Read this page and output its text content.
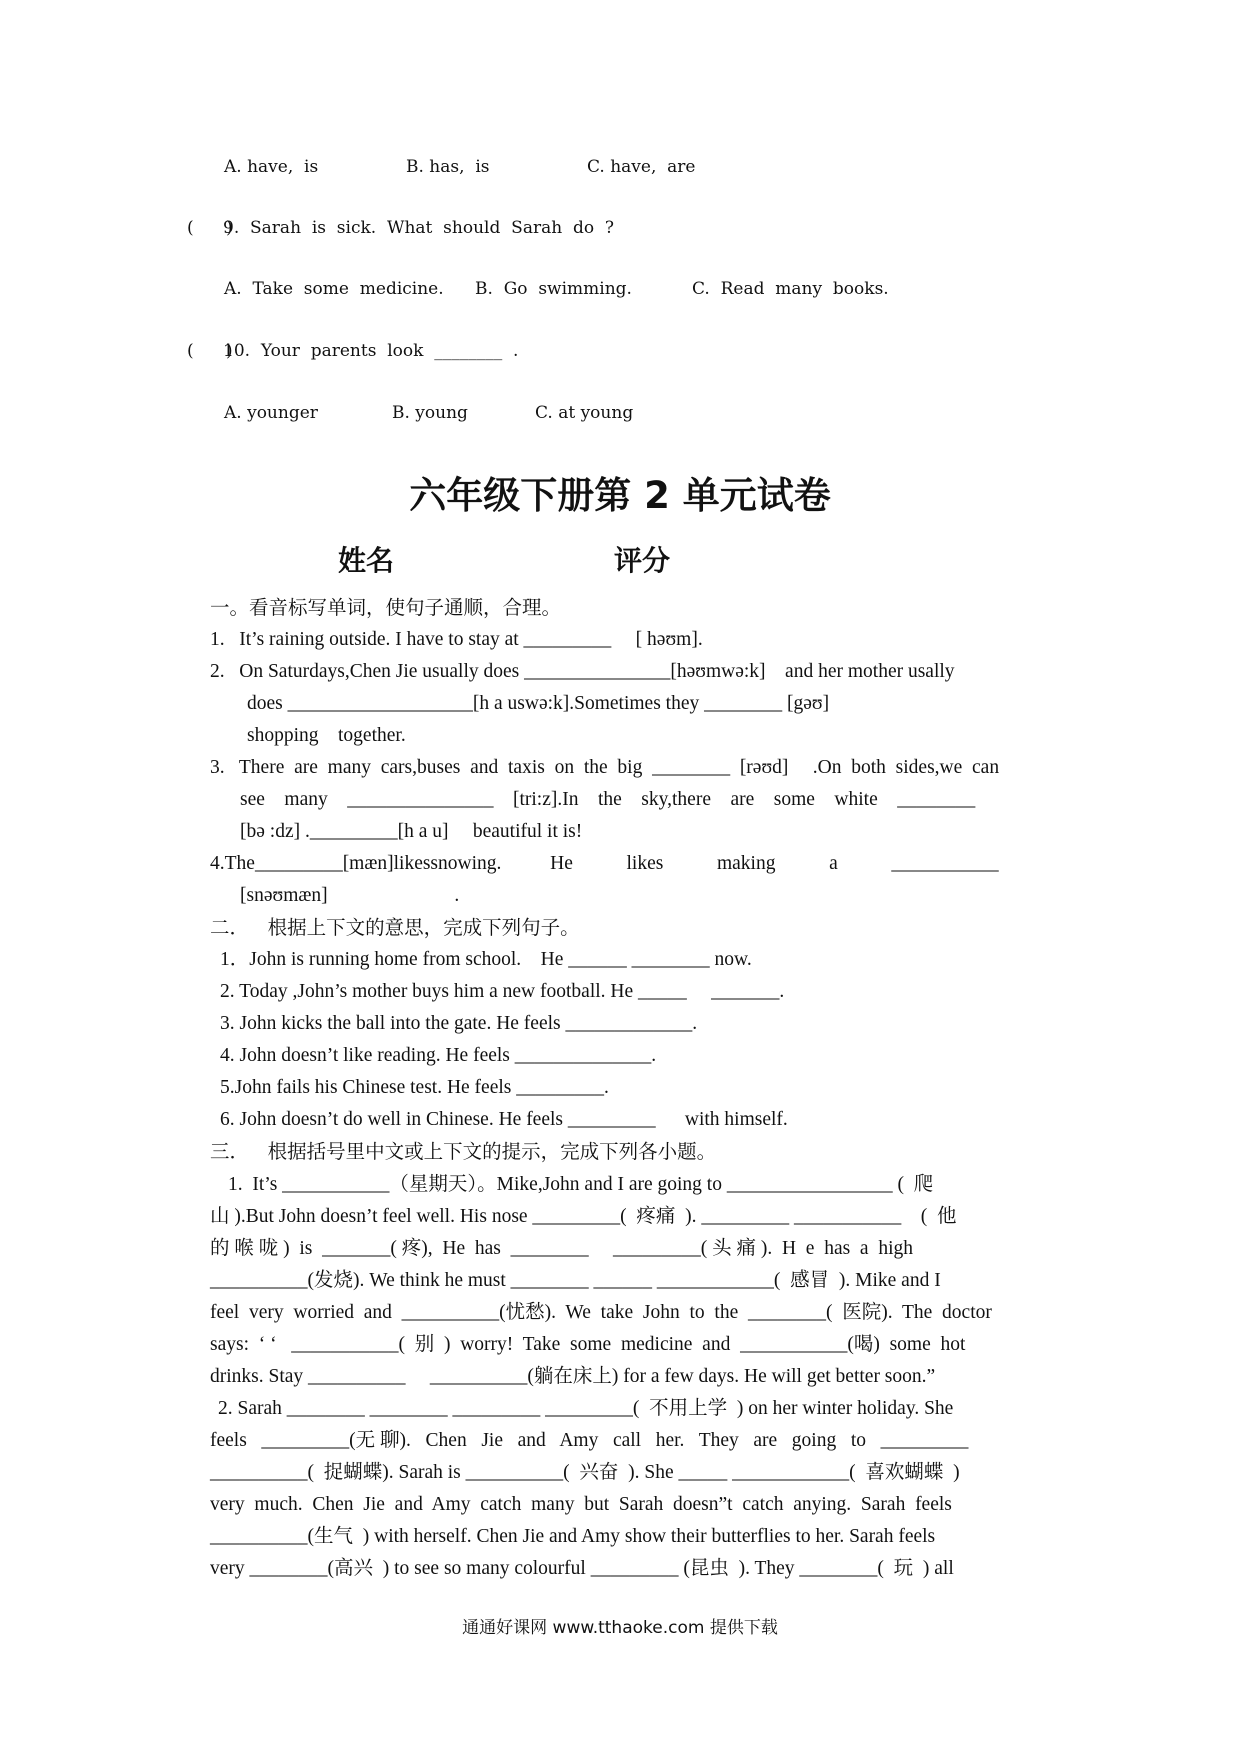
A. have,  is	B. has,  is	C. have,  are
(      )
9.  Sarah  is  sick.  What  should  Sarah  do  ?
A.  Take  some  medicine. B.  Go  swimming.	C.  Read  many  books.
(      )
10.  Your  parents  look  ________  .
A. younger	B. young	C. at young
六年级下册第 2 单元试卷
姓名	评分
一。看音标写单词，使句子通顺，合理。
1.   It’s raining outside. I have to stay at _________     [ həʊm].
2.   On Saturdays,Chen Jie usually does _______________[həʊmwə:k]    and her mother usally
does ___________________[h a uswə:k].Sometimes they ________ [gəʊ]
shopping    together.
3.   There  are  many  cars,buses  and  taxis  on  the  big  ________  [rəʊd]     .On  both  sides,we  can
see    many    _______________    [tri:z].In    the    sky,there    are    some    white    ________
[bə :dz] ._________[h a u]     beautiful it is!
4.The_________[mæn]likessnowing.          He           likes           making           a           ___________
[snəʊmæn]                          .
二．   根据上下文的意思，完成下列句子。
1．John is running home from school.    He ______ ________ now.
2. Today ,John’s mother buys him a new football. He _____     _______.
3. John kicks the ball into the gate. He feels _____________.
4. John doesn’t like reading. He feels ______________.
5.John fails his Chinese test. He feels _________.
6. John doesn’t do well in Chinese. He feels _________      with himself.
三．   根据括号里中文或上下文的提示，完成下列各小题。
1.  It’s ___________（星期天）。Mike,John and I are going to _________________ (  爬
山 ).But John doesn’t feel well. His nose _________(  疼痛  ). _________ ___________    (  他
的 喉 咙 )  is  _______( 疼),  He  has  ________     _________( 头 痛 ).  H  e  has  a  high
__________(发烧). We think he must ________ ______ ____________(  感冒  ). Mike and I
feel  very  worried  and  __________(忧愁).  We  take  John  to  the  ________(  医院).  The  doctor
says:  ‘ ‘   ___________(  别  )  worry!  Take  some  medicine  and  ___________(喝)  some  hot
drinks. Stay __________     __________(躺在床上) for a few days. He will get better soon.”
2. Sarah ________ ________ _________ _________(  不用上学  ) on her winter holiday. She
feels   _________(无 聊).   Chen   Jie   and   Amy   call   her.   They   are   going   to   _________
__________(  捉蝴蝶). Sarah is __________(  兴奋  ). She _____ ____________(  喜欢蝴蝶  )
very  much.  Chen  Jie  and  Amy  catch  many  but  Sarah  doesn”t  catch  anying.  Sarah  feels
__________(生气  ) with herself. Chen Jie and Amy show their butterflies to her. Sarah feels
very ________(高兴  ) to see so many colourful _________ (昆虫  ). They ________(  玩  ) all
通通好课网 www.tthaoke.com 提供下载
